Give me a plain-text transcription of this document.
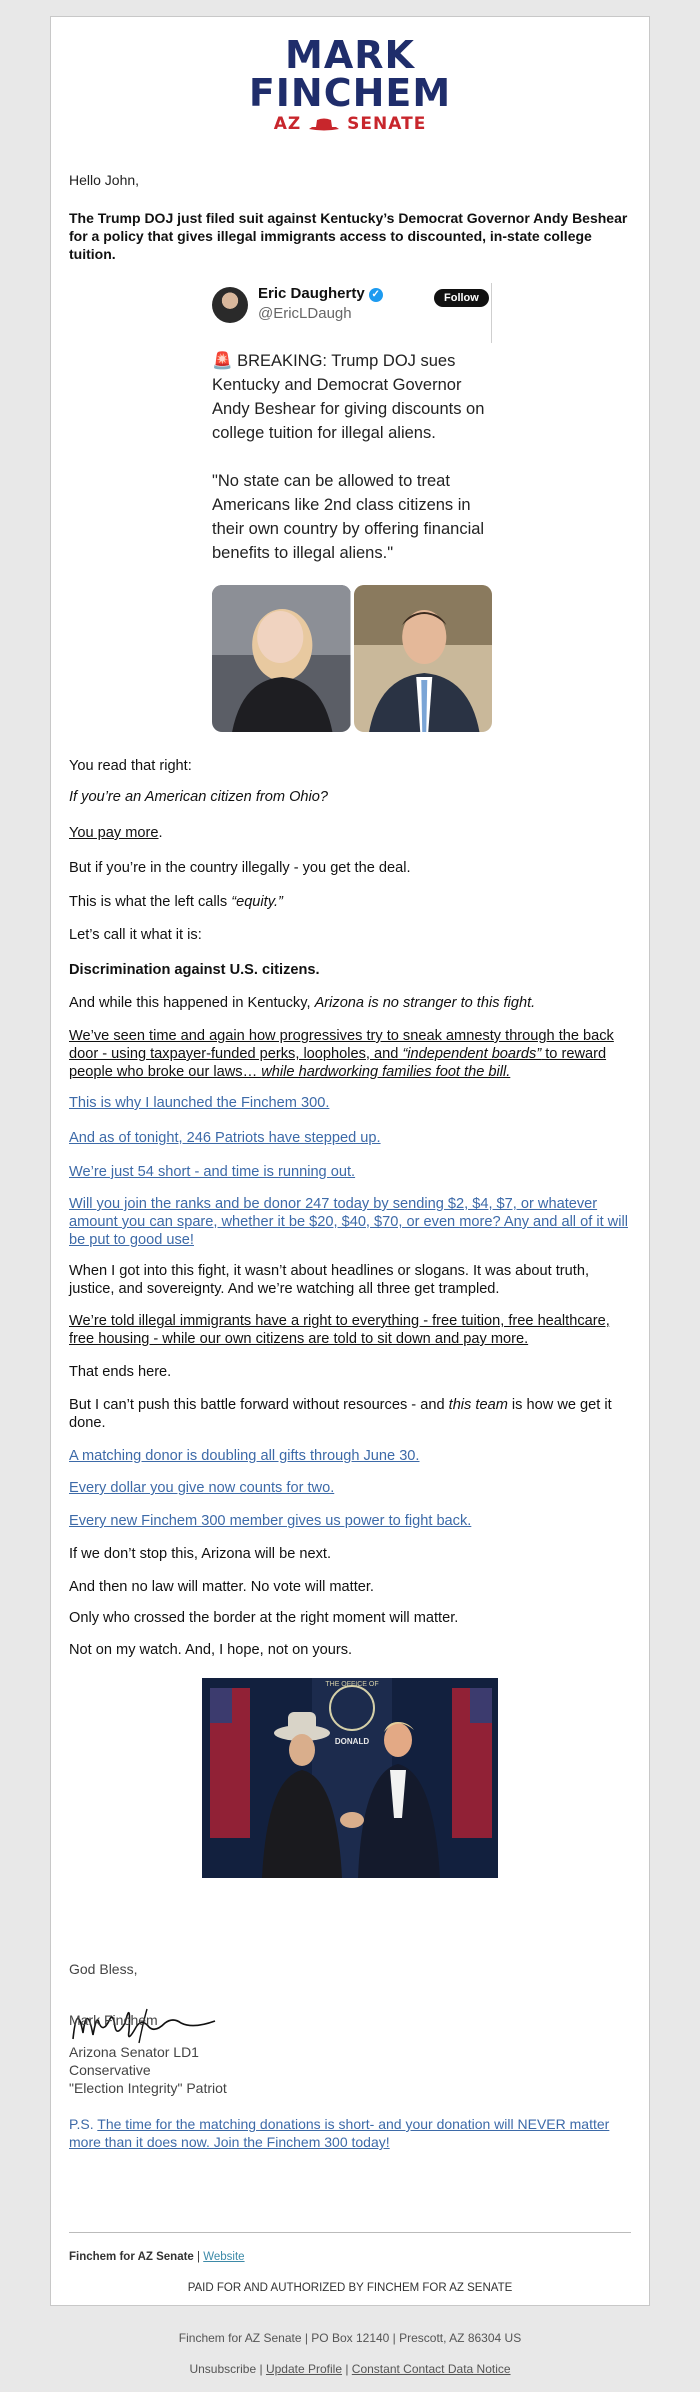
MARK
FINCHEM
AZ	SENATE
Hello John,
The Trump DOJ just filed suit against Kentucky’s Democrat Governor Andy Beshear for a policy that gives illegal immigrants access to discounted, in-state college tuition.
Eric Daugherty ✓
@EricLDaugh
Follow
🚨 BREAKING: Trump DOJ sues Kentucky and Democrat Governor Andy Beshear for giving discounts on college tuition for illegal aliens.
"No state can be allowed to treat Americans like 2nd class citizens in their own country by offering financial benefits to illegal aliens."
You read that right:
If you’re an American citizen from Ohio?
You pay more.
But if you’re in the country illegally - you get the deal.
This is what the left calls “equity.”
Let’s call it what it is:
Discrimination against U.S. citizens.
And while this happened in Kentucky, Arizona is no stranger to this fight.
We’ve seen time and again how progressives try to sneak amnesty through the back door - using taxpayer-funded perks, loopholes, and “independent boards” to reward people who broke our laws… while hardworking families foot the bill.
This is why I launched the Finchem 300.
And as of tonight, 246 Patriots have stepped up.
We’re just 54 short - and time is running out.
Will you join the ranks and be donor 247 today by sending $2, $4, $7, or whatever amount you can spare, whether it be $20, $40, $70, or even more? Any and all of it will be put to good use!
When I got into this fight, it wasn’t about headlines or slogans. It was about truth, justice, and sovereignty. And we’re watching all three get trampled.
We’re told illegal immigrants have a right to everything - free tuition, free healthcare, free housing - while our own citizens are told to sit down and pay more.
That ends here.
But I can’t push this battle forward without resources - and this team is how we get it done.
A matching donor is doubling all gifts through June 30.
Every dollar you give now counts for two.
Every new Finchem 300 member gives us power to fight back.
If we don’t stop this, Arizona will be next.
And then no law will matter. No vote will matter.
Only who crossed the border at the right moment will matter.
Not on my watch. And, I hope, not on yours.
THE OFFICE OF
DONALD
God Bless,
Mark Finchem
Arizona Senator LD1
Conservative
"Election Integrity" Patriot
P.S. The time for the matching donations is short- and your donation will NEVER matter more than it does now. Join the Finchem 300 today!
Finchem for AZ Senate | Website
PAID FOR AND AUTHORIZED BY FINCHEM FOR AZ SENATE
Finchem for AZ Senate | PO Box 12140 | Prescott, AZ 86304 US
Unsubscribe | Update Profile | Constant Contact Data Notice
